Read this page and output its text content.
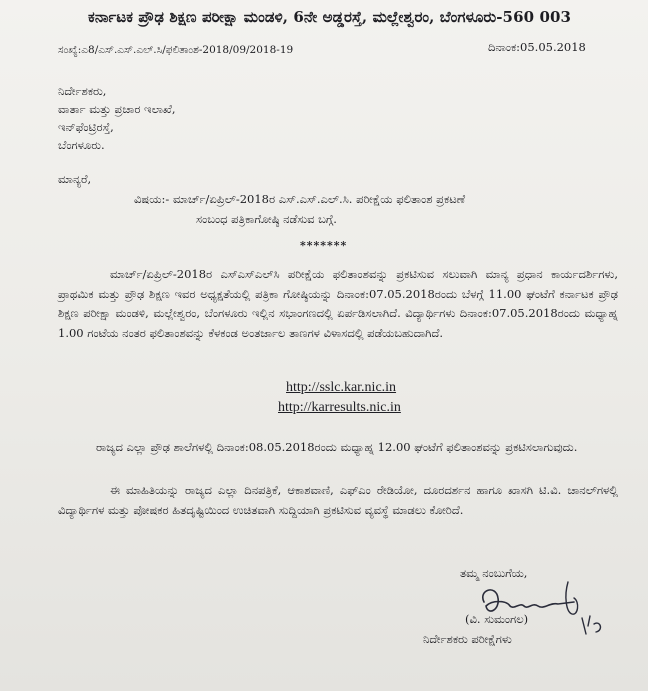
ಕರ್ನಾಟಕ ಪ್ರೌಢ ಶಿಕ್ಷಣ ಪರೀಕ್ಷಾ ಮಂಡಳಿ, 6ನೇ ಅಡ್ಡರಸ್ತೆ, ಮಲ್ಲೇಶ್ವರಂ, ಬೆಂಗಳೂರು-560 003
ಸಂಖ್ಯೆ:ಎ8/ಎಸ್.ಎಸ್.ಎಲ್.ಸಿ/ಫಲಿತಾಂಶ-2018/09/2018-19	ದಿನಾಂಕ:05.05.2018
ನಿರ್ದೇಶಕರು,
ವಾರ್ತಾ ಮತ್ತು ಪ್ರಚಾರ ಇಲಾಖೆ,
ಇನ್‌ಫೆಂಟ್ರಿರಸ್ತೆ,
ಬೆಂಗಳೂರು.
ಮಾನ್ಯರೆ,
ವಿಷಯ:- ಮಾರ್ಚ್/ಏಪ್ರಿಲ್-2018ರ ಎಸ್.ಎಸ್.ಎಲ್.ಸಿ. ಪರೀಕ್ಷೆಯ ಫಲಿತಾಂಶ ಪ್ರಕಟಣೆ
ಸಂಬಂಧ ಪತ್ರಿಕಾಗೋಷ್ಠಿ ನಡೆಸುವ ಬಗ್ಗೆ.
*******

ಮಾರ್ಚ್/ಏಪ್ರಿಲ್-2018ರ ಎಸ್‌ಎಸ್‌ಎಲ್‌ಸಿ ಪರೀಕ್ಷೆಯ ಫಲಿತಾಂಶವನ್ನು ಪ್ರಕಟಿಸುವ ಸಲುವಾಗಿ ಮಾನ್ಯ ಪ್ರಧಾನ ಕಾರ್ಯದರ್ಶಿಗಳು, ಪ್ರಾಥಮಿಕ ಮತ್ತು ಪ್ರೌಢ ಶಿಕ್ಷಣ ಇವರ ಅಧ್ಯಕ್ಷತೆಯಲ್ಲಿ ಪತ್ರಿಕಾ ಗೋಷ್ಠಿಯನ್ನು ದಿನಾಂಕ:07.05.2018ರಂದು ಬೆಳಗ್ಗೆ 11.00 ಘಂಟೆಗೆ ಕರ್ನಾಟಕ ಪ್ರೌಢ ಶಿಕ್ಷಣ ಪರೀಕ್ಷಾ ಮಂಡಳಿ, ಮಲ್ಲೇಶ್ವರಂ, ಬೆಂಗಳೂರು ಇಲ್ಲಿನ ಸಭಾಂಗಣದಲ್ಲಿ ಏರ್ಪಡಿಸಲಾಗಿದೆ. ವಿದ್ಯಾರ್ಥಿಗಳು ದಿನಾಂಕ:07.05.2018ರಂದು ಮಧ್ಯಾಹ್ನ 1.00 ಗಂಟೆಯ ನಂತರ ಫಲಿತಾಂಶವನ್ನು ಕೆಳಕಂಡ ಅಂತರ್ಜಾಲ ತಾಣಗಳ ವಿಳಾಸದಲ್ಲಿ ಪಡೆಯಬಹುದಾಗಿದೆ.

http://sslc.kar.nic.in
http://karresults.nic.in

ರಾಜ್ಯದ ಎಲ್ಲಾ ಪ್ರೌಢ ಶಾಲೆಗಳಲ್ಲಿ ದಿನಾಂಕ:08.05.2018ರಂದು ಮಧ್ಯಾಹ್ನ 12.00 ಘಂಟೆಗೆ ಫಲಿತಾಂಶವನ್ನು ಪ್ರಕಟಿಸಲಾಗುವುದು.

ಈ ಮಾಹಿತಿಯನ್ನು ರಾಜ್ಯದ ಎಲ್ಲಾ ದಿನಪತ್ರಿಕೆ, ಆಕಾಶವಾಣಿ, ಎಫ್‌ಎಂ ರೇಡಿಯೋ, ದೂರದರ್ಶನ ಹಾಗೂ ಖಾಸಗಿ ಟಿ.ವಿ. ಚಾನಲ್‌ಗಳಲ್ಲಿ ವಿದ್ಯಾರ್ಥಿಗಳ ಮತ್ತು ಪೋಷಕರ ಹಿತದೃಷ್ಟಿಯಿಂದ ಉಚಿತವಾಗಿ ಸುದ್ದಿಯಾಗಿ ಪ್ರಕಟಿಸುವ ವ್ಯವಸ್ಥೆ ಮಾಡಲು ಕೋರಿದೆ.

ತಮ್ಮ ನಂಬುಗೆಯ,
(ವಿ. ಸುಮಂಗಲ)
ನಿರ್ದೇಶಕರು ಪರೀಕ್ಷೆಗಳು
